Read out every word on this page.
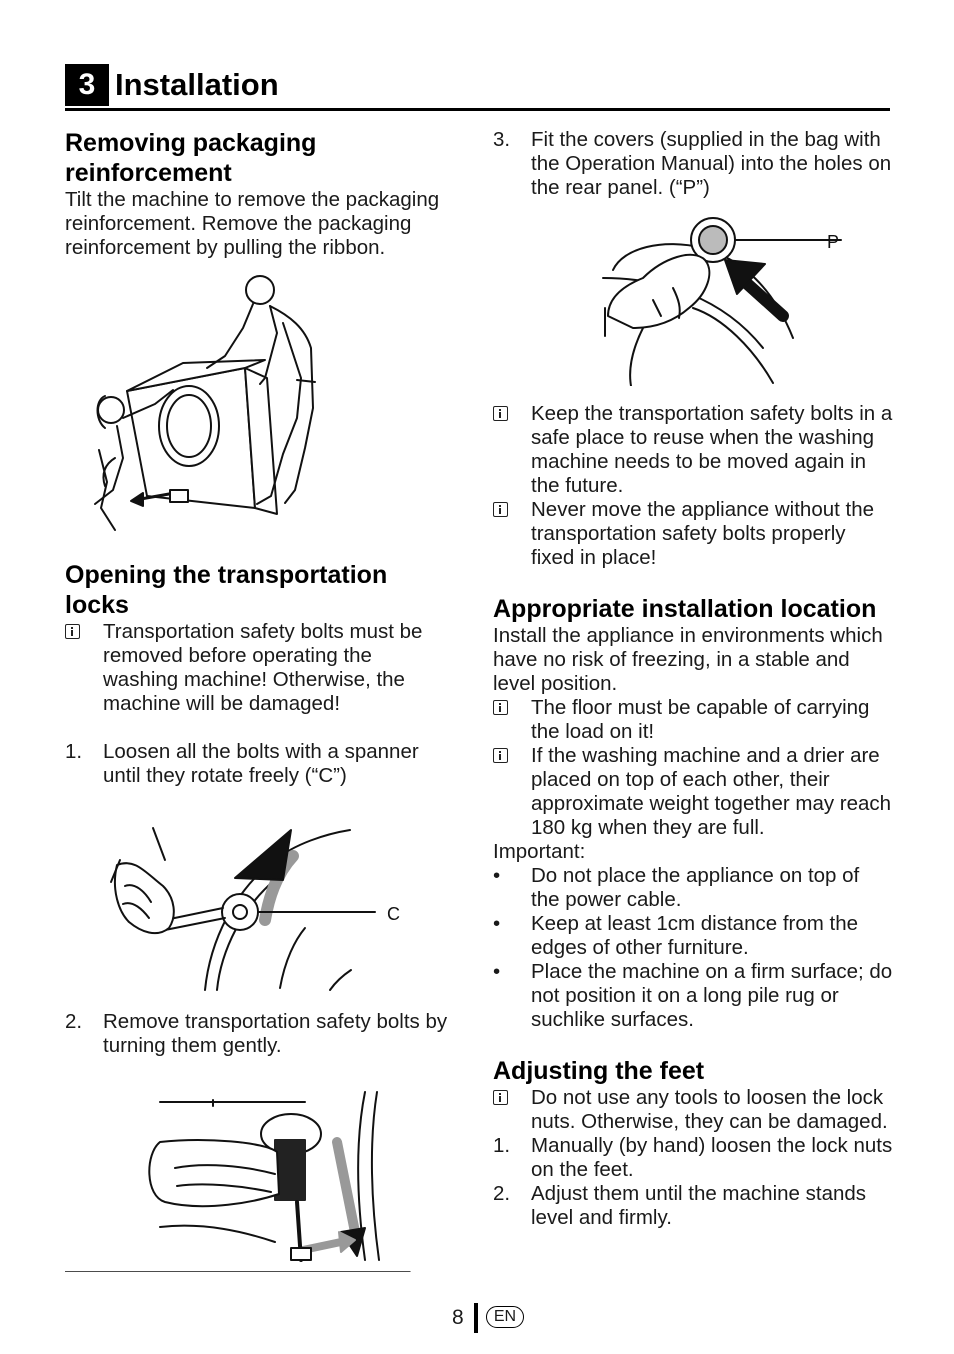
3 Installation
Removing packaging reinforcement

Tilt the machine to remove the packaging reinforcement. Remove the packaging reinforcement by pulling the ribbon.

Opening the transportation locks
Transportation safety bolts must be removed before operating the washing machine! Otherwise, the machine will be damaged!
1.	Loosen all the bolts with a spanner until they rotate freely (“C”)
C
2.	Remove transportation safety bolts by turning them gently.
3.	Fit the covers (supplied in the bag with the Operation Manual) into the holes on the rear panel. (“P”)
P
Keep the transportation safety bolts in a safe place to reuse when the washing machine needs to be moved again in the future.
Never move the appliance without the transportation safety bolts properly fixed in place!
Appropriate installation location

Install the appliance in environments which have no risk of freezing, in a stable and level position.

The floor must be capable of carrying the load on it!
If the washing machine and a drier are placed on top of each other, their approximate weight together may reach 180 kg when they are full.

Important:

•	Do not place the appliance on top of the power cable.
•	Keep at least 1cm distance from the edges of other furniture.
•	Place the machine on a firm surface; do not position it on a long pile rug or suchlike surfaces.
Adjusting the feet
Do not use any tools to loosen the lock nuts. Otherwise, they can be damaged.
1.	Manually (by hand) loosen the lock nuts on the feet.
2.	Adjust them until the machine stands level and firmly.
8	EN
